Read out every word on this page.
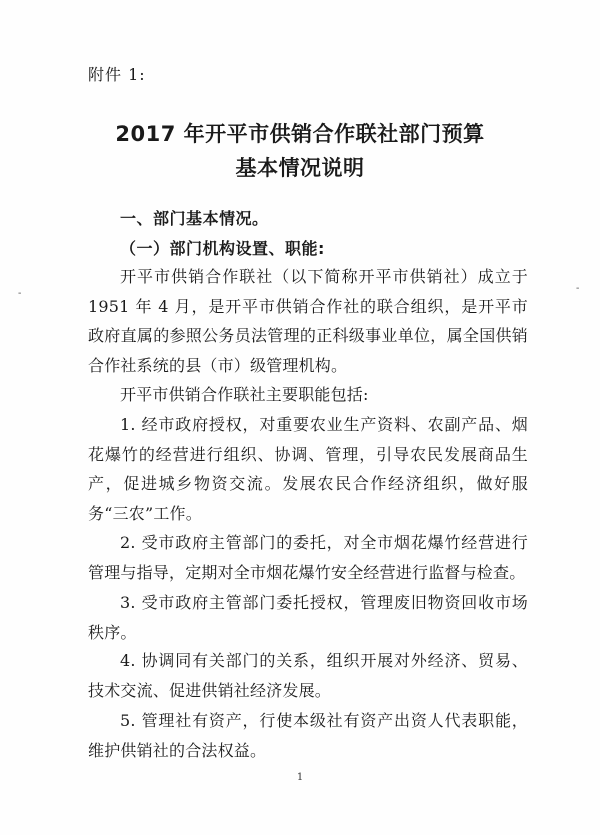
附件 1:
2017 年开平市供销合作联社部门预算
基本情况说明
一、部门基本情况。
（一）部门机构设置、职能:

开平市供销合作联社（以下简称开平市供销社）成立于 1951 年 4 月，是开平市供销合作社的联合组织，是开平市政府直属的参照公务员法管理的正科级事业单位，属全国供销合作社系统的县（市）级管理机构。

开平市供销合作联社主要职能包括:

1. 经市政府授权，对重要农业生产资料、农副产品、烟花爆竹的经营进行组织、协调、管理，引导农民发展商品生产，促进城乡物资交流。发展农民合作经济组织，做好服务“三农”工作。

2. 受市政府主管部门的委托，对全市烟花爆竹经营进行管理与指导，定期对全市烟花爆竹安全经营进行监督与检查。

3. 受市政府主管部门委托授权，管理废旧物资回收市场秩序。

4. 协调同有关部门的关系，组织开展对外经济、贸易、技术交流、促进供销社经济发展。

5. 管理社有资产，行使本级社有资产出资人代表职能，维护供销社的合法权益。

1
-	-
